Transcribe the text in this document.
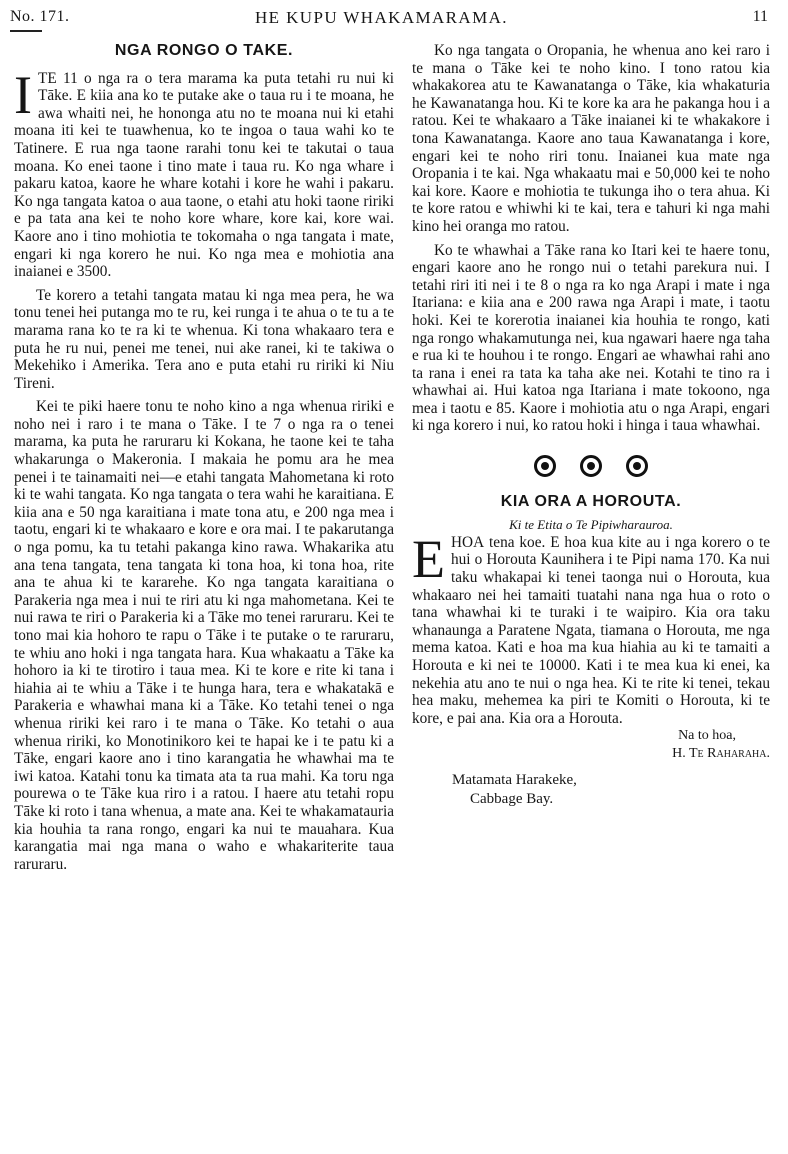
No. 171.	HE KUPU WHAKAMARAMA.	11
NGA RONGO O TAKE.

ITE 11 o nga ra o tera marama ka puta tetahi ru nui ki Tāke. E kiia ana ko te putake ake o taua ru i te moana, he awa whaiti nei, he hononga atu no te moana nui ki etahi moana iti kei te tuawhenua, ko te ingoa o taua wahi ko te Tatinere. E rua nga taone rarahi tonu kei te takutai o taua moana. Ko enei taone i tino mate i taua ru. Ko nga whare i pakaru katoa, kaore he whare kotahi i kore he wahi i pakaru. Ko nga tangata katoa o aua taone, o etahi atu hoki taone ririki e pa tata ana kei te noho kore whare, kore kai, kore wai. Kaore ano i tino mohiotia te tokomaha o nga tangata i mate, engari ki nga korero he nui. Ko nga mea e mohiotia ana inaianei e 3500.

Te korero a tetahi tangata matau ki nga mea pera, he wa tonu tenei hei putanga mo te ru, kei runga i te ahua o te tu a te marama rana ko te ra ki te whenua. Ki tona whakaaro tera e puta he ru nui, penei me tenei, nui ake ranei, ki te takiwa o Mekehiko i Amerika. Tera ano e puta etahi ru ririki ki Niu Tireni.

Kei te piki haere tonu te noho kino a nga whenua ririki e noho nei i raro i te mana o Tāke. I te 7 o nga ra o tenei marama, ka puta he raruraru ki Kokana, he taone kei te taha whakarunga o Makeronia. I makaia he pomu ara he mea penei i te tainamaiti nei—e etahi tangata Mahometana ki roto ki te wahi tangata. Ko nga tangata o tera wahi he karaitiana. E kiia ana e 50 nga karaitiana i mate tona atu, e 200 nga mea i taotu, engari ki te whakaaro e kore e ora mai. I te pakarutanga o nga pomu, ka tu tetahi pakanga kino rawa. Whakarika atu ana tena tangata, tena tangata ki tona hoa, ki tona hoa, rite ana te ahua ki te kararehe. Ko nga tangata karaitiana o Parakeria nga mea i nui te riri atu ki nga mahometana. Kei te nui rawa te riri o Parakeria ki a Tāke mo tenei raruraru. Kei te tono mai kia hohoro te rapu o Tāke i te putake o te raruraru, te whiu ano hoki i nga tangata hara. Kua whakaatu a Tāke ka hohoro ia ki te tirotiro i taua mea. Ki te kore e rite ki tana i hiahia ai te whiu a Tāke i te hunga hara, tera e whakatakā e Parakeria e whawhai mana ki a Tāke. Ko tetahi tenei o nga whenua ririki kei raro i te mana o Tāke. Ko tetahi o aua whenua ririki, ko Monotinikoro kei te hapai ke i te patu ki a Tāke, engari kaore ano i tino karangatia he whawhai ma te iwi katoa. Katahi tonu ka timata ata ta rua mahi. Ka toru nga pourewa o te Tāke kua riro i a ratou. I haere atu tetahi ropu Tāke ki roto i tana whenua, a mate ana. Kei te whakamatauria kia houhia ta rana rongo, engari ka nui te mauahara. Kua karangatia mai nga mana o waho e whakariterite taua raruraru.

Ko nga tangata o Oropania, he whenua ano kei raro i te mana o Tāke kei te noho kino. I tono ratou kia whakakorea atu te Kawanatanga o Tāke, kia whakaturia he Kawanatanga hou. Ki te kore ka ara he pakanga hou i a ratou. Kei te whakaaro a Tāke inaianei ki te whakakore i tona Kawanatanga. Kaore ano taua Kawanatanga i kore, engari kei te noho riri tonu. Inaianei kua mate nga Oropania i te kai. Nga whakaatu mai e 50,000 kei te noho kai kore. Kaore e mohiotia te tukunga iho o tera ahua. Ki te kore ratou e whiwhi ki te kai, tera e tahuri ki nga mahi kino hei oranga mo ratou.

Ko te whawhai a Tāke rana ko Itari kei te haere tonu, engari kaore ano he rongo nui o tetahi parekura nui. I tetahi riri iti nei i te 8 o nga ra ko nga Arapi i mate i nga Itariana: e kiia ana e 200 rawa nga Arapi i mate, i taotu hoki. Kei te korerotia inaianei kia houhia te rongo, kati nga rongo whakamutunga nei, kua ngawari haere nga taha e rua ki te houhou i te rongo. Engari ae whawhai rahi ano ta rana i enei ra tata ka taha ake nei. Kotahi te tino ra i whawhai ai. Hui katoa nga Itariana i mate tokoono, nga mea i taotu e 85. Kaore i mohiotia atu o nga Arapi, engari ki nga korero i nui, ko ratou hoki i hinga i taua whawhai.

KIA ORA A HOROUTA.

Ki te Etita o Te Pipiwharauroa.

EHOA tena koe. E hoa kua kite au i nga korero o te hui o Horouta Kaunihera i te Pipi nama 170. Ka nui taku whakapai ki tenei taonga nui o Horouta, kua whakaaro nei hei tamaiti tuatahi nana nga hua o roto o tana whawhai ki te turaki i te waipiro. Kia ora taku whanaunga a Paratene Ngata, tiamana o Horouta, me nga mema katoa. Kati e hoa ma kua hiahia au ki te tamaiti a Horouta e ki nei te 10000. Kati i te mea kua ki enei, ka nekehia atu ano te nui o nga hea. Ki te rite ki tenei, tekau hea maku, mehemea ka piri te Komiti o Horouta, ki te kore, e pai ana. Kia ora a Horouta.

Na to hoa,

H. Te Raharaha.

Matamata Harakeke,
Cabbage Bay.
